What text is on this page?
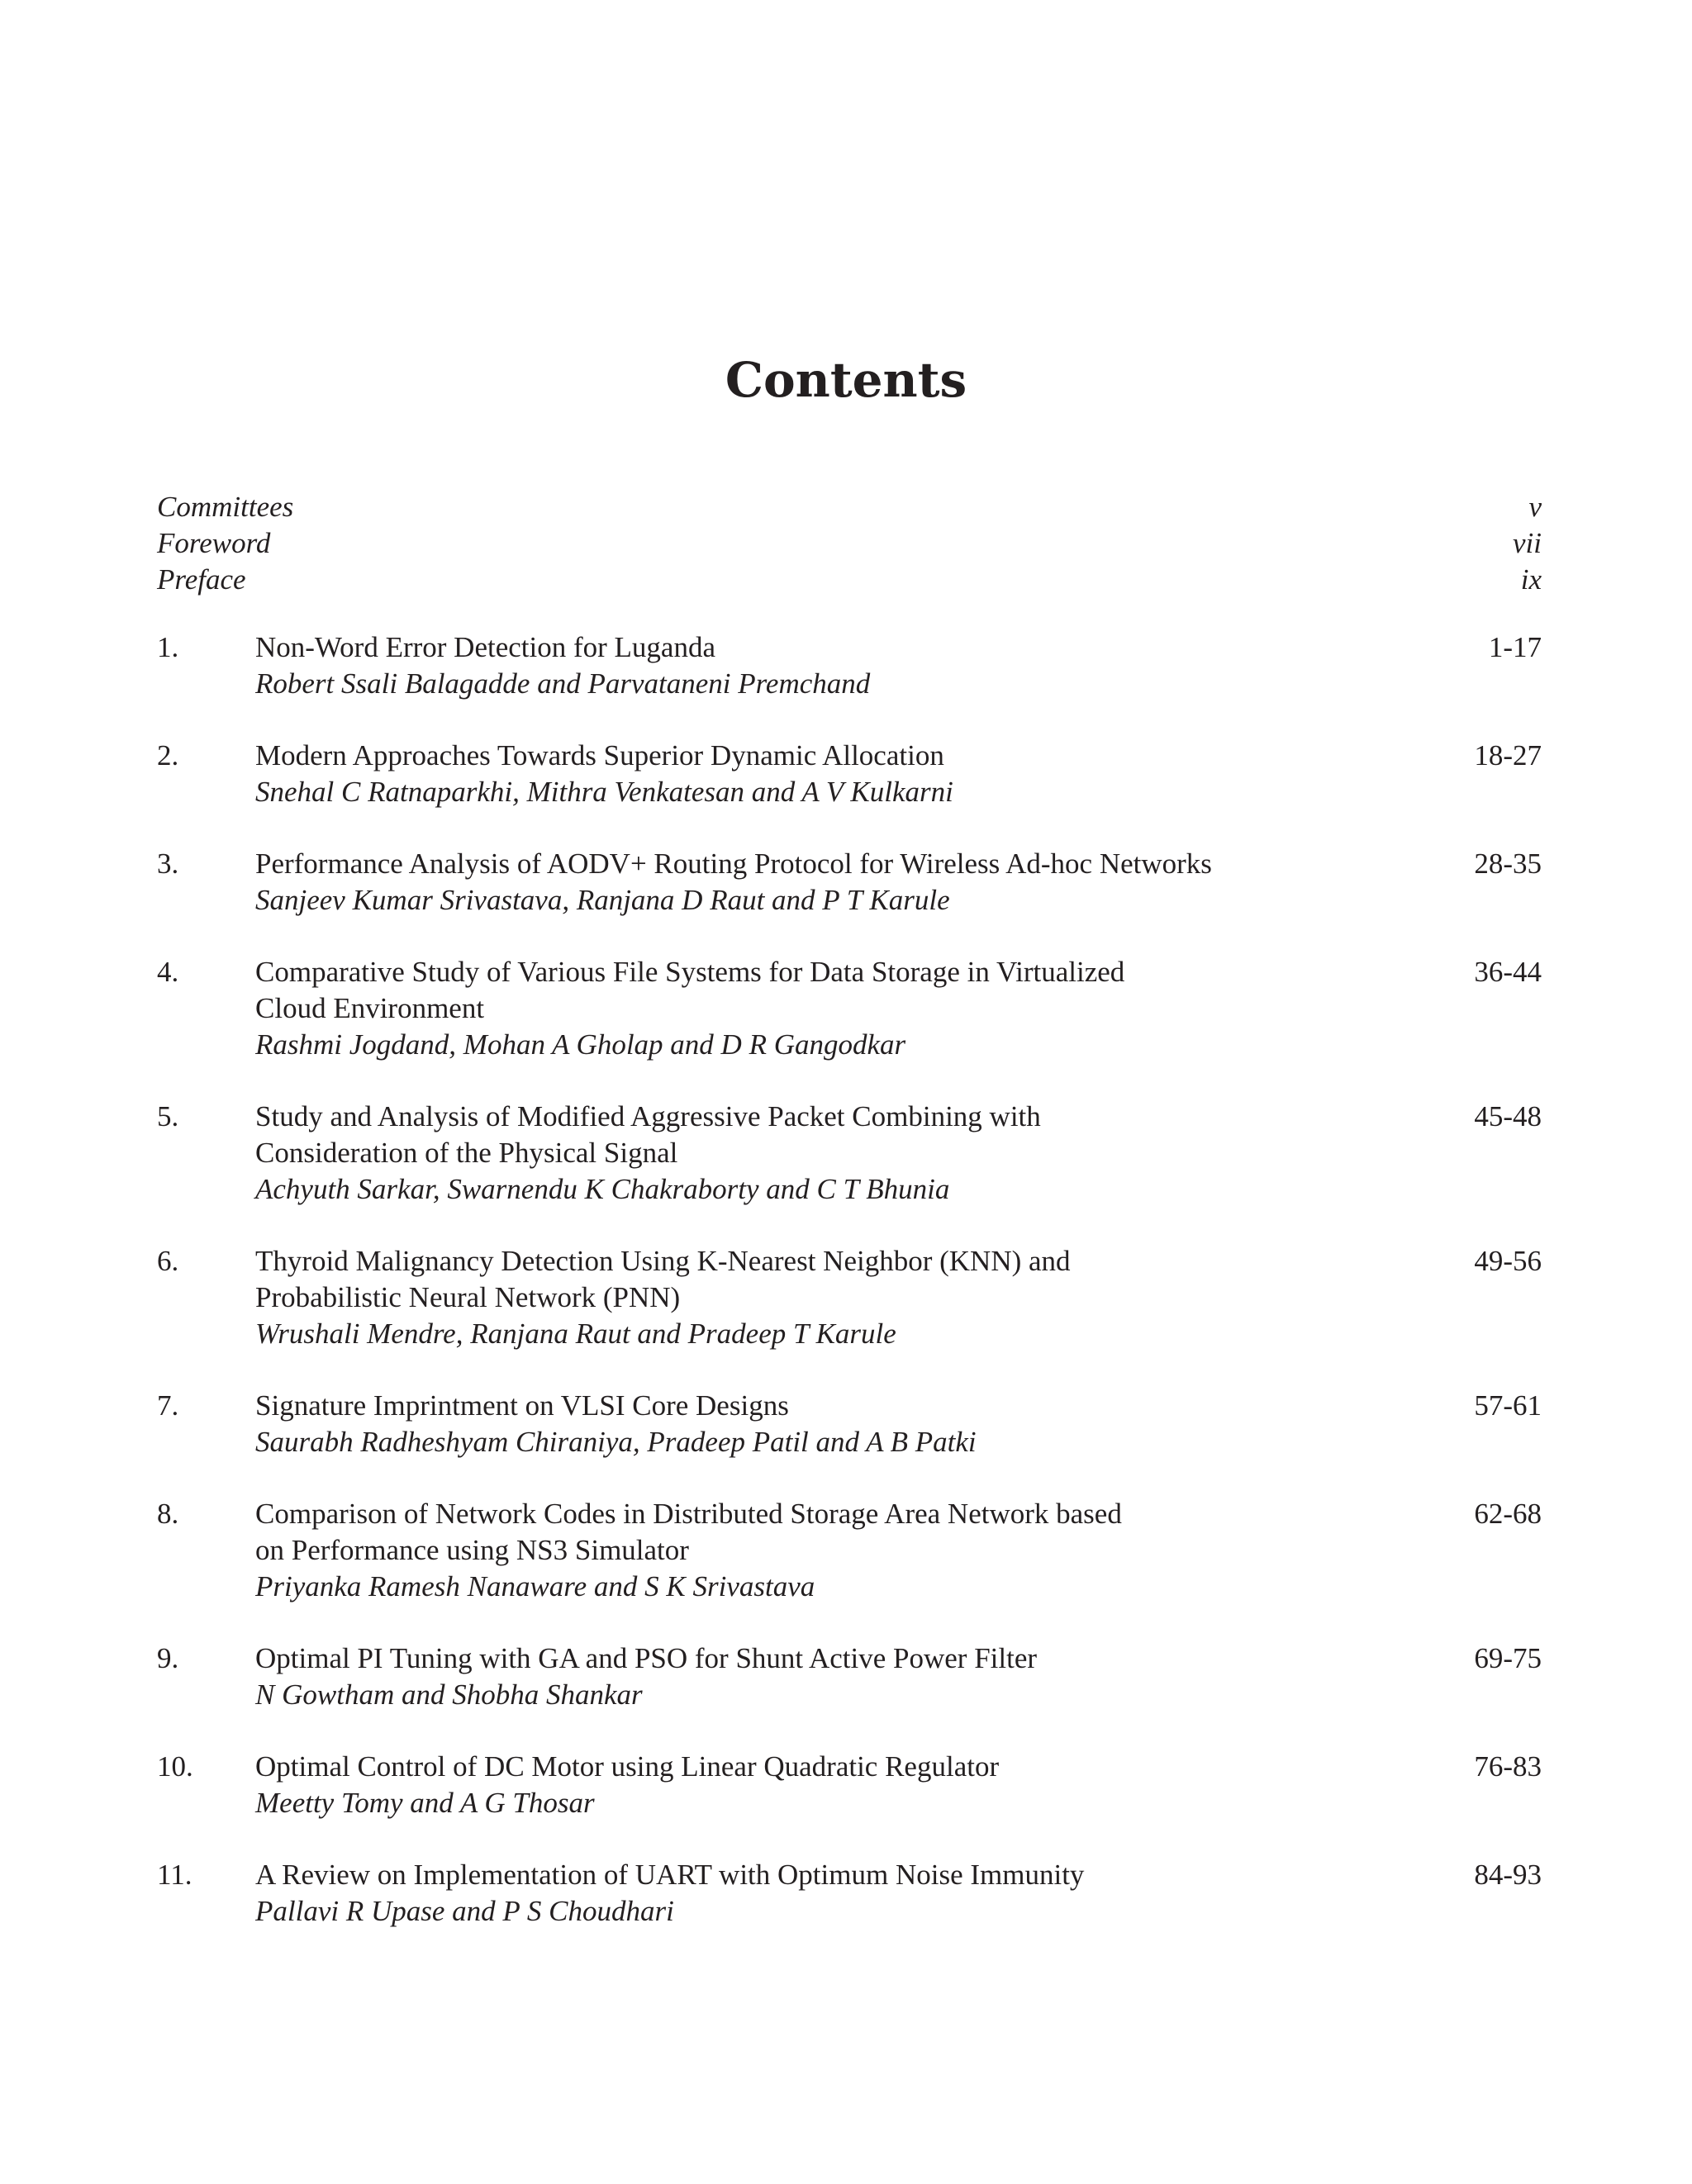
Contents
Committees	v
Foreword	vii
Preface	ix
1.	Non-Word Error Detection for Luganda
Robert Ssali Balagadde and Parvataneni Premchand
1-17
2.	Modern Approaches Towards Superior Dynamic Allocation
Snehal C Ratnaparkhi, Mithra Venkatesan and A V Kulkarni
18-27
3.	Performance Analysis of AODV+ Routing Protocol for Wireless Ad-hoc Networks
Sanjeev Kumar Srivastava, Ranjana D Raut and P T Karule
28-35
4.	Comparative Study of Various File Systems for Data Storage in Virtualized
Cloud Environment
Rashmi Jogdand, Mohan A Gholap and D R Gangodkar
36-44
5.	Study and Analysis of Modified Aggressive Packet Combining with
Consideration of the Physical Signal
Achyuth Sarkar, Swarnendu K Chakraborty and C T Bhunia
45-48
6.	Thyroid Malignancy Detection Using K-Nearest Neighbor (KNN) and
Probabilistic Neural Network (PNN)
Wrushali Mendre, Ranjana Raut and Pradeep T Karule
49-56
7.	Signature Imprintment on VLSI Core Designs
Saurabh Radheshyam Chiraniya, Pradeep Patil and A B Patki
57-61
8.	Comparison of Network Codes in Distributed Storage Area Network based
on Performance using NS3 Simulator
Priyanka Ramesh Nanaware and S K Srivastava
62-68
9.	Optimal PI Tuning with GA and PSO for Shunt Active Power Filter
N Gowtham and Shobha Shankar
69-75
10.	Optimal Control of DC Motor using Linear Quadratic Regulator
Meetty Tomy and A G Thosar
76-83
11.	A Review on Implementation of UART with Optimum Noise Immunity
Pallavi R Upase and P S Choudhari
84-93
